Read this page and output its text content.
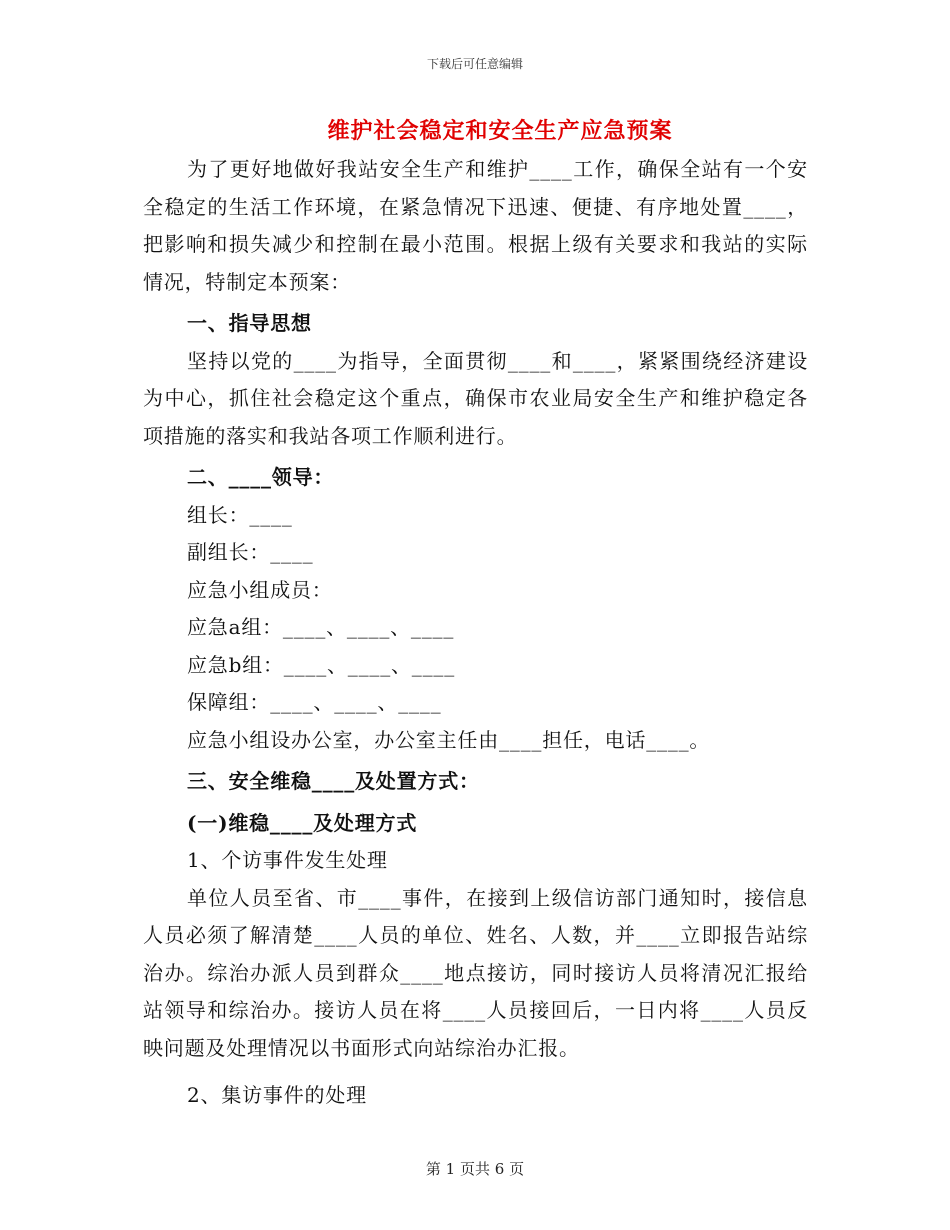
下载后可任意编辑
维护社会稳定和安全生产应急预案

为了更好地做好我站安全生产和维护____工作，确保全站有一个安全稳定的生活工作环境，在紧急情况下迅速、便捷、有序地处置____，把影响和损失减少和控制在最小范围。根据上级有关要求和我站的实际情况，特制定本预案：

一、指导思想

坚持以党的____为指导，全面贯彻____和____，紧紧围绕经济建设为中心，抓住社会稳定这个重点，确保市农业局安全生产和维护稳定各项措施的落实和我站各项工作顺利进行。

二、____领导：

组长：____

副组长：____

应急小组成员：

应急a组：____、____、____

应急b组：____、____、____

保障组：____、____、____

应急小组设办公室，办公室主任由____担任，电话____。

三、安全维稳____及处置方式：

(一)维稳____及处理方式

1、个访事件发生处理

单位人员至省、市____事件，在接到上级信访部门通知时，接信息人员必须了解清楚____人员的单位、姓名、人数，并____立即报告站综治办。综治办派人员到群众____地点接访，同时接访人员将清况汇报给站领导和综治办。接访人员在将____人员接回后，一日内将____人员反映问题及处理情况以书面形式向站综治办汇报。

2、集访事件的处理

第 1 页共 6 页
